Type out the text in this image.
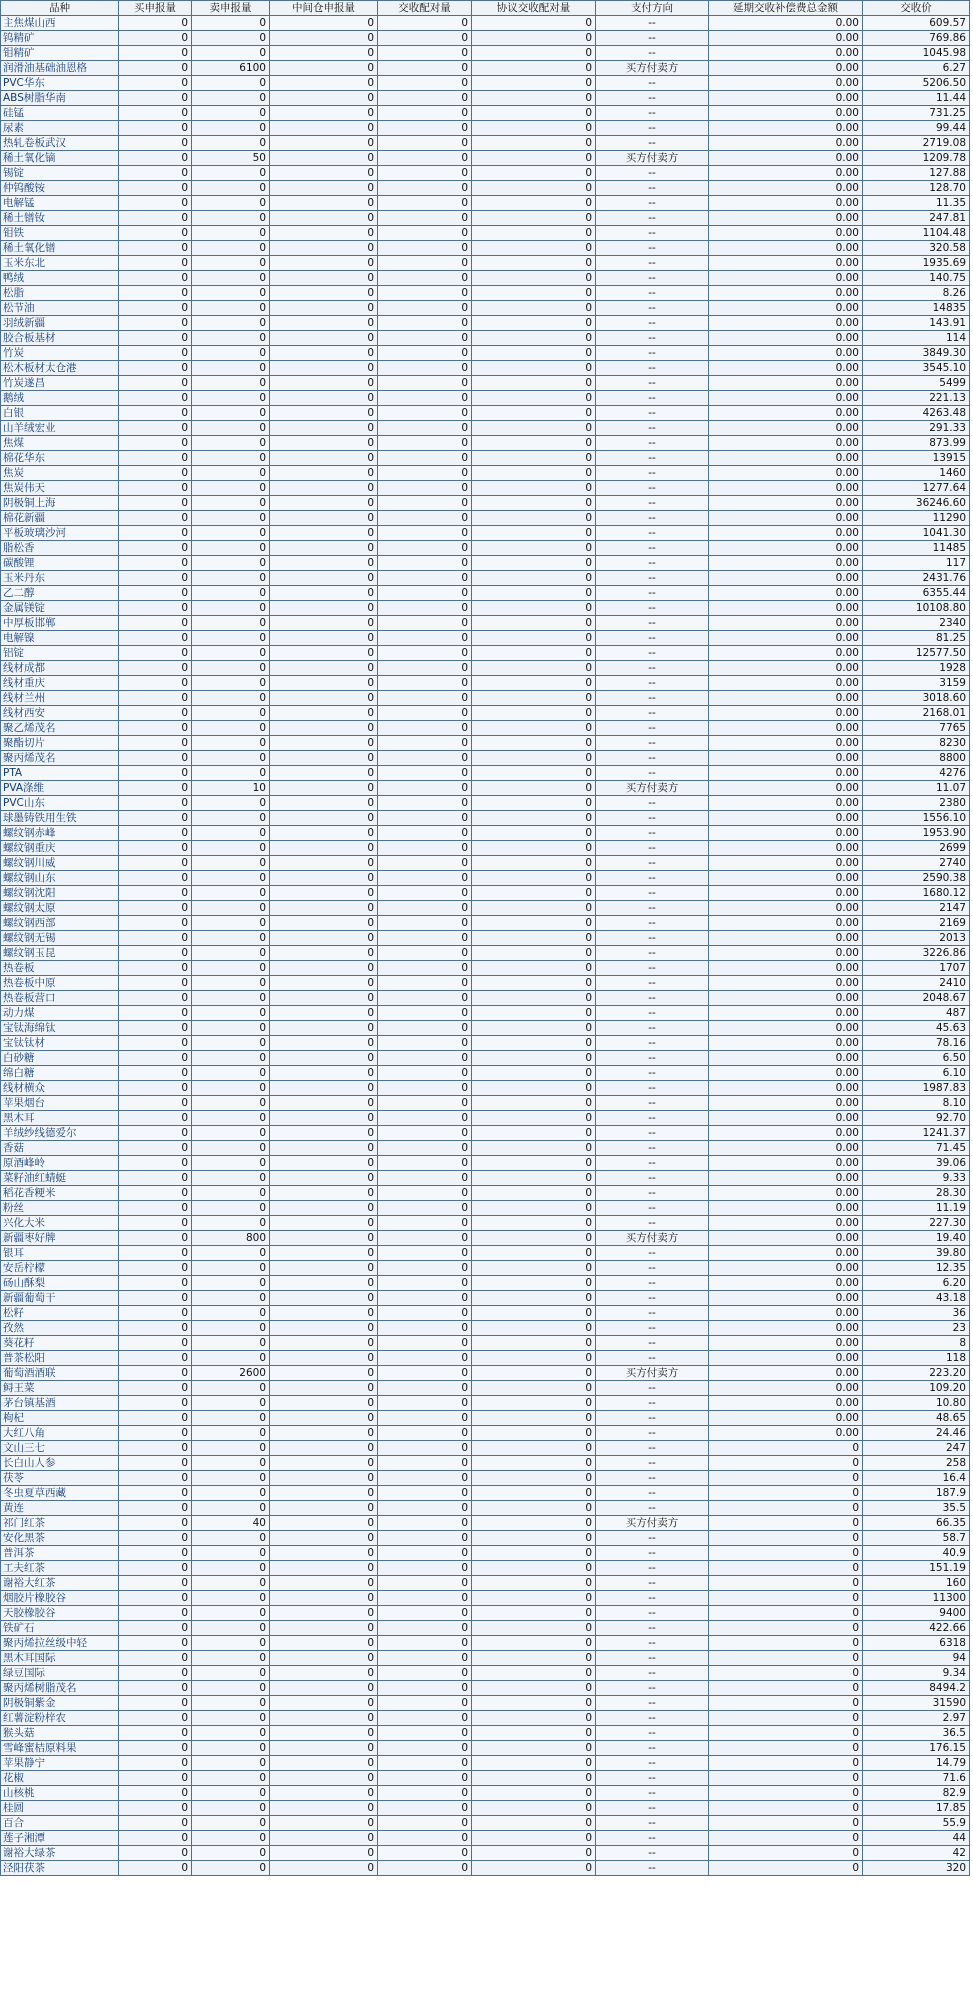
品种	买申报量	卖申报量	中间仓申报量	交收配对量	协议交收配对量	支付方向	延期交收补偿费总金额	交收价
主焦煤山西	0	0	0	0	0	--	0.00	609.57
钨精矿	0	0	0	0	0	--	0.00	769.86
钼精矿	0	0	0	0	0	--	0.00	1045.98
润滑油基础油恩格	0	6100	0	0	0	买方付卖方	0.00	6.27
PVC华东	0	0	0	0	0	--	0.00	5206.50
ABS树脂华南	0	0	0	0	0	--	0.00	11.44
硅锰	0	0	0	0	0	--	0.00	731.25
尿素	0	0	0	0	0	--	0.00	99.44
热轧卷板武汉	0	0	0	0	0	--	0.00	2719.08
稀土氧化镝	0	50	0	0	0	买方付卖方	0.00	1209.78
锡锭	0	0	0	0	0	--	0.00	127.88
仲钨酸铵	0	0	0	0	0	--	0.00	128.70
电解锰	0	0	0	0	0	--	0.00	11.35
稀土镨钕	0	0	0	0	0	--	0.00	247.81
钼铁	0	0	0	0	0	--	0.00	1104.48
稀土氧化镨	0	0	0	0	0	--	0.00	320.58
玉米东北	0	0	0	0	0	--	0.00	1935.69
鸭绒	0	0	0	0	0	--	0.00	140.75
松脂	0	0	0	0	0	--	0.00	8.26
松节油	0	0	0	0	0	--	0.00	14835
羽绒新疆	0	0	0	0	0	--	0.00	143.91
胶合板基材	0	0	0	0	0	--	0.00	114
竹炭	0	0	0	0	0	--	0.00	3849.30
松木板材太仓港	0	0	0	0	0	--	0.00	3545.10
竹炭遂昌	0	0	0	0	0	--	0.00	5499
鹅绒	0	0	0	0	0	--	0.00	221.13
白银	0	0	0	0	0	--	0.00	4263.48
山羊绒宏业	0	0	0	0	0	--	0.00	291.33
焦煤	0	0	0	0	0	--	0.00	873.99
棉花华东	0	0	0	0	0	--	0.00	13915
焦炭	0	0	0	0	0	--	0.00	1460
焦炭伟天	0	0	0	0	0	--	0.00	1277.64
阴极铜上海	0	0	0	0	0	--	0.00	36246.60
棉花新疆	0	0	0	0	0	--	0.00	11290
平板玻璃沙河	0	0	0	0	0	--	0.00	1041.30
脂松香	0	0	0	0	0	--	0.00	11485
碳酸锂	0	0	0	0	0	--	0.00	117
玉米丹东	0	0	0	0	0	--	0.00	2431.76
乙二醇	0	0	0	0	0	--	0.00	6355.44
金属镁锭	0	0	0	0	0	--	0.00	10108.80
中厚板邯郸	0	0	0	0	0	--	0.00	2340
电解镍	0	0	0	0	0	--	0.00	81.25
铝锭	0	0	0	0	0	--	0.00	12577.50
线材成都	0	0	0	0	0	--	0.00	1928
线材重庆	0	0	0	0	0	--	0.00	3159
线材兰州	0	0	0	0	0	--	0.00	3018.60
线材西安	0	0	0	0	0	--	0.00	2168.01
聚乙烯茂名	0	0	0	0	0	--	0.00	7765
聚酯切片	0	0	0	0	0	--	0.00	8230
聚丙烯茂名	0	0	0	0	0	--	0.00	8800
PTA	0	0	0	0	0	--	0.00	4276
PVA涤维	0	10	0	0	0	买方付卖方	0.00	11.07
PVC山东	0	0	0	0	0	--	0.00	2380
球墨铸铁用生铁	0	0	0	0	0	--	0.00	1556.10
螺纹钢赤峰	0	0	0	0	0	--	0.00	1953.90
螺纹钢重庆	0	0	0	0	0	--	0.00	2699
螺纹钢川威	0	0	0	0	0	--	0.00	2740
螺纹钢山东	0	0	0	0	0	--	0.00	2590.38
螺纹钢沈阳	0	0	0	0	0	--	0.00	1680.12
螺纹钢太原	0	0	0	0	0	--	0.00	2147
螺纹钢西部	0	0	0	0	0	--	0.00	2169
螺纹钢无锡	0	0	0	0	0	--	0.00	2013
螺纹钢玉昆	0	0	0	0	0	--	0.00	3226.86
热卷板	0	0	0	0	0	--	0.00	1707
热卷板中原	0	0	0	0	0	--	0.00	2410
热卷板营口	0	0	0	0	0	--	0.00	2048.67
动力煤	0	0	0	0	0	--	0.00	487
宝钛海绵钛	0	0	0	0	0	--	0.00	45.63
宝钛钛材	0	0	0	0	0	--	0.00	78.16
白砂糖	0	0	0	0	0	--	0.00	6.50
绵白糖	0	0	0	0	0	--	0.00	6.10
线材横众	0	0	0	0	0	--	0.00	1987.83
苹果烟台	0	0	0	0	0	--	0.00	8.10
黑木耳	0	0	0	0	0	--	0.00	92.70
羊绒纱线德爱尔	0	0	0	0	0	--	0.00	1241.37
香菇	0	0	0	0	0	--	0.00	71.45
原酒峰岭	0	0	0	0	0	--	0.00	39.06
菜籽油红蜻蜓	0	0	0	0	0	--	0.00	9.33
稻花香粳米	0	0	0	0	0	--	0.00	28.30
粉丝	0	0	0	0	0	--	0.00	11.19
兴化大米	0	0	0	0	0	--	0.00	227.30
新疆枣好牌	0	800	0	0	0	买方付卖方	0.00	19.40
银耳	0	0	0	0	0	--	0.00	39.80
安岳柠檬	0	0	0	0	0	--	0.00	12.35
砀山酥梨	0	0	0	0	0	--	0.00	6.20
新疆葡萄干	0	0	0	0	0	--	0.00	43.18
松籽	0	0	0	0	0	--	0.00	36
孜然	0	0	0	0	0	--	0.00	23
葵花籽	0	0	0	0	0	--	0.00	8
普茶松阳	0	0	0	0	0	--	0.00	118
葡萄酒酒联	0	2600	0	0	0	买方付卖方	0.00	223.20
鲟王菜	0	0	0	0	0	--	0.00	109.20
茅台镇基酒	0	0	0	0	0	--	0.00	10.80
枸杞	0	0	0	0	0	--	0.00	48.65
大红八角	0	0	0	0	0	--	0.00	24.46
文山三七	0	0	0	0	0	--	0	247
长白山人参	0	0	0	0	0	--	0	258
茯苓	0	0	0	0	0	--	0	16.4
冬虫夏草西藏	0	0	0	0	0	--	0	187.9
黄连	0	0	0	0	0	--	0	35.5
祁门红茶	0	40	0	0	0	买方付卖方	0	66.35
安化黑茶	0	0	0	0	0	--	0	58.7
普洱茶	0	0	0	0	0	--	0	40.9
工夫红茶	0	0	0	0	0	--	0	151.19
谢裕大红茶	0	0	0	0	0	--	0	160
烟胶片橡胶谷	0	0	0	0	0	--	0	11300
天胶橡胶谷	0	0	0	0	0	--	0	9400
铁矿石	0	0	0	0	0	--	0	422.66
聚丙烯拉丝级中轻	0	0	0	0	0	--	0	6318
黑木耳国际	0	0	0	0	0	--	0	94
绿豆国际	0	0	0	0	0	--	0	9.34
聚丙烯树脂茂名	0	0	0	0	0	--	0	8494.2
阴极铜紫金	0	0	0	0	0	--	0	31590
红薯淀粉梓农	0	0	0	0	0	--	0	2.97
猴头菇	0	0	0	0	0	--	0	36.5
雪峰蜜桔原料果	0	0	0	0	0	--	0	176.15
苹果静宁	0	0	0	0	0	--	0	14.79
花椒	0	0	0	0	0	--	0	71.6
山核桃	0	0	0	0	0	--	0	82.9
桂圆	0	0	0	0	0	--	0	17.85
百合	0	0	0	0	0	--	0	55.9
莲子湘潭	0	0	0	0	0	--	0	44
谢裕大绿茶	0	0	0	0	0	--	0	42
泾阳茯茶	0	0	0	0	0	--	0	320
